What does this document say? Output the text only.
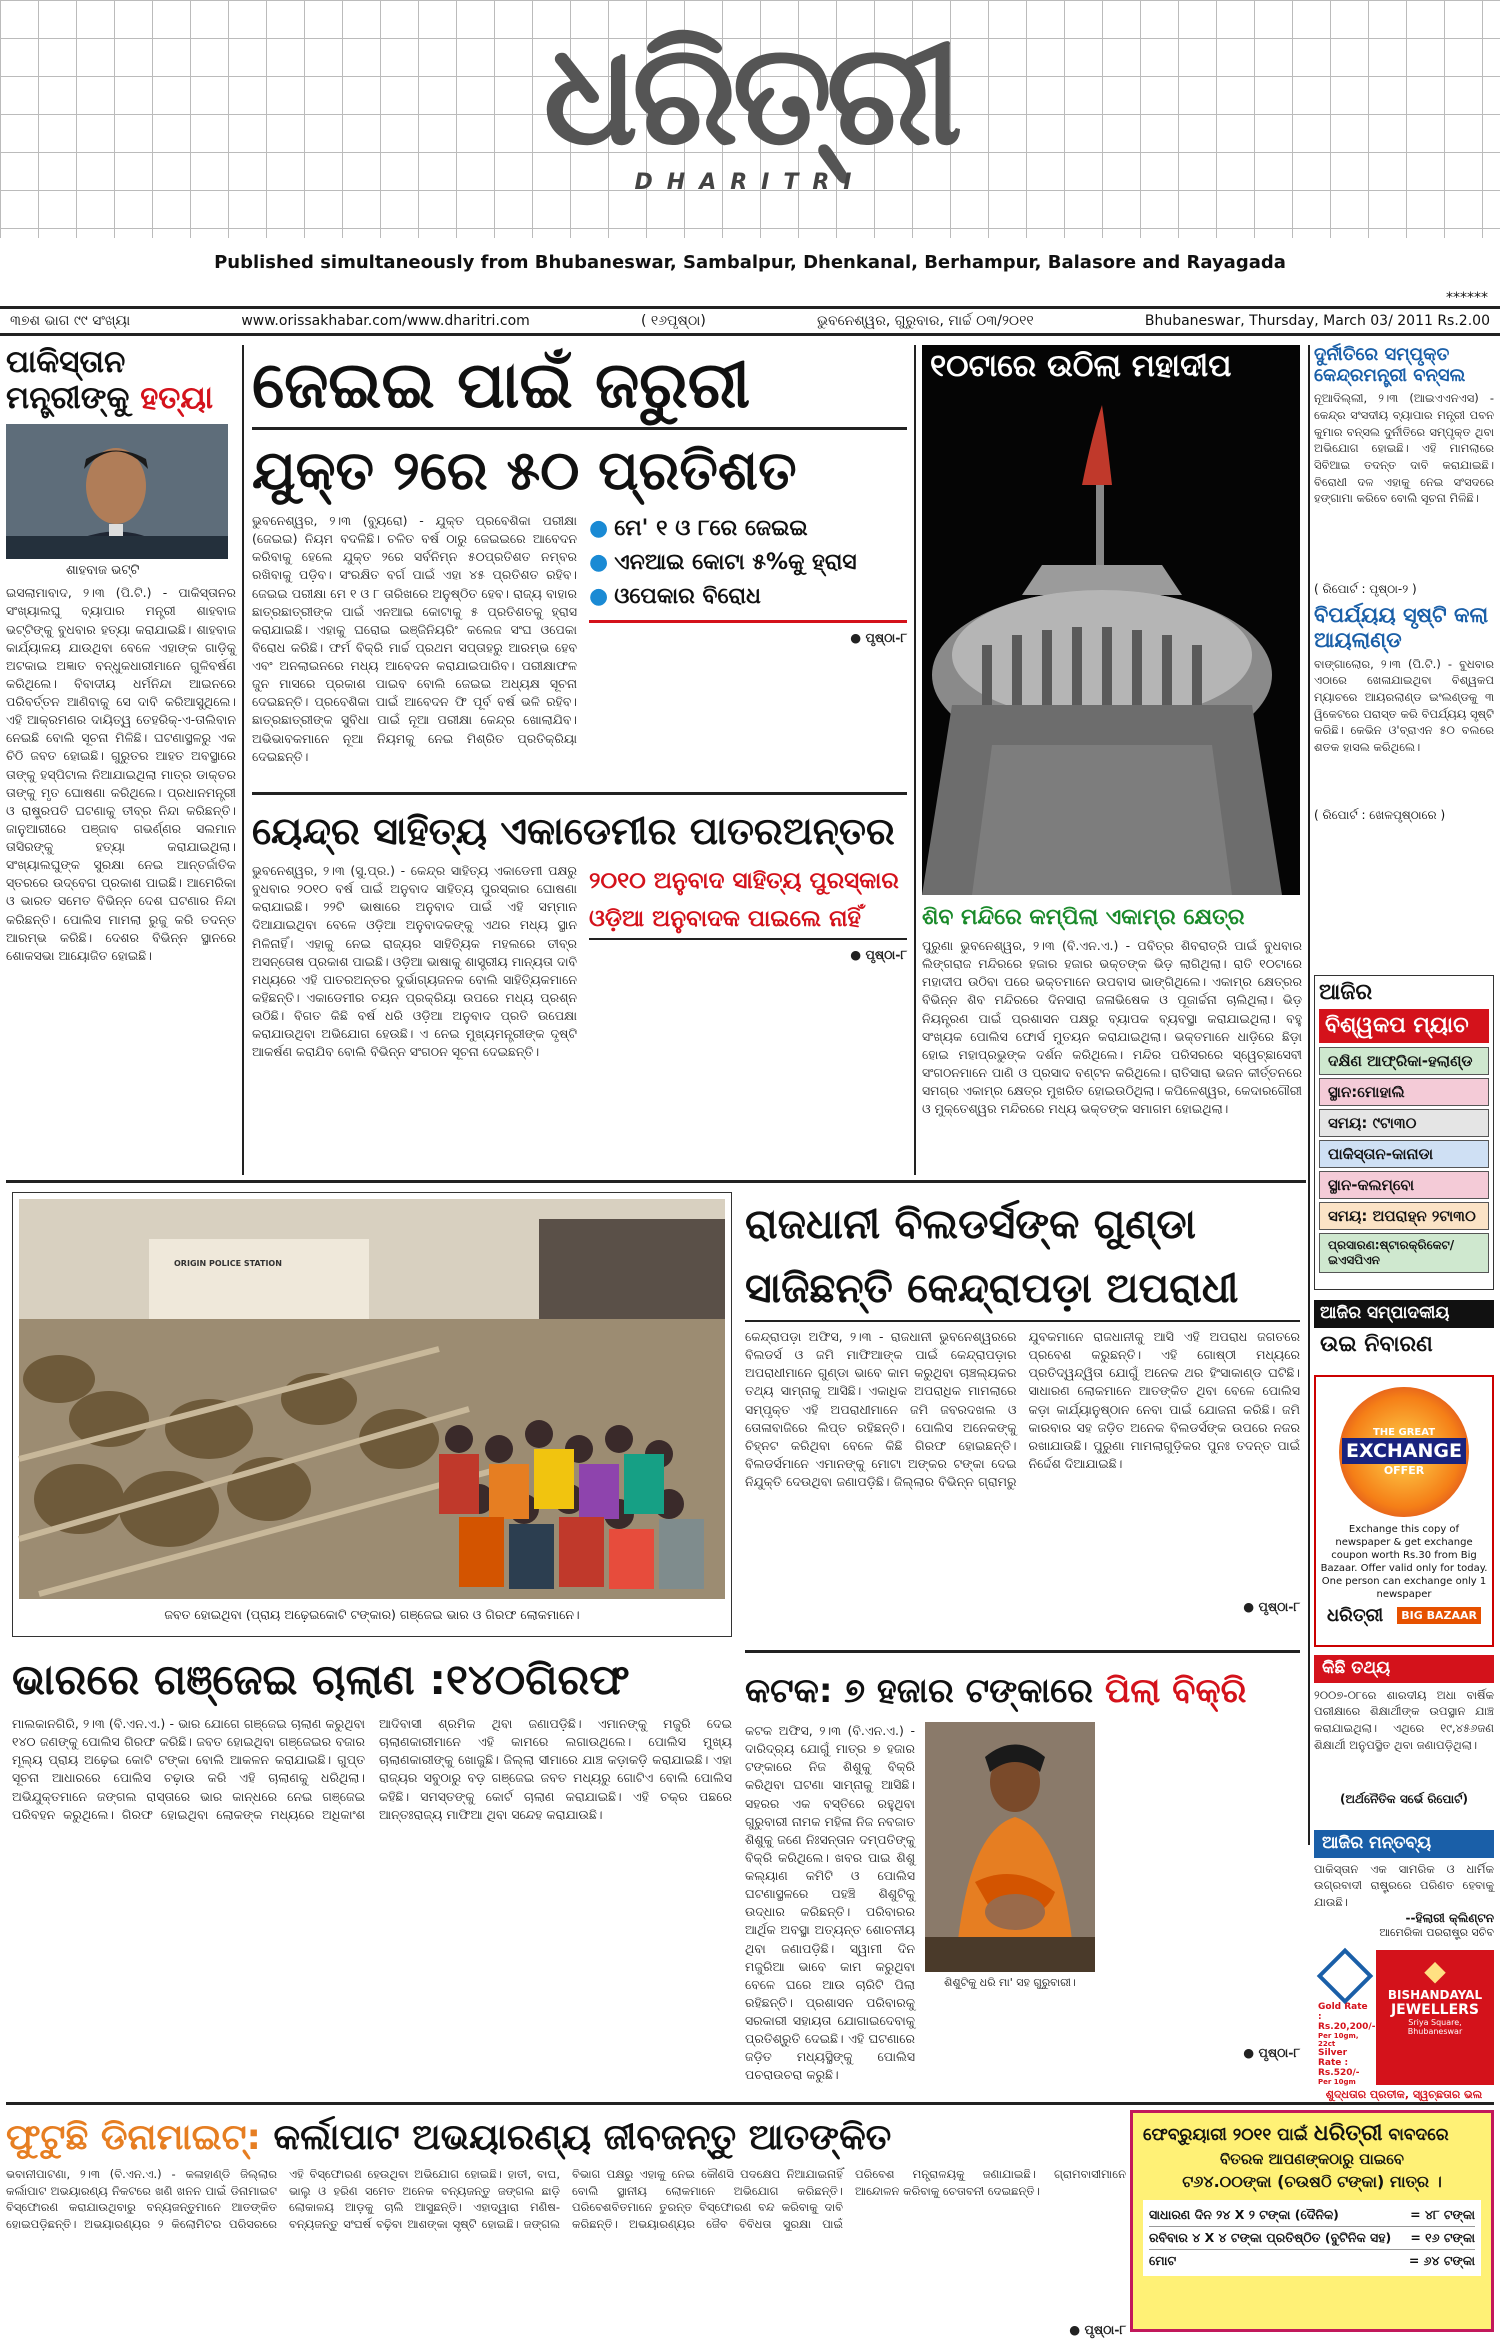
ଧରିତ୍ରୀ
DHARITRI
Published simultaneously from Bhubaneswar, Sambalpur, Dhenkanal, Berhampur, Balasore and Rayagada
******
୩୭ଶ ଭାଗ ୯୯ ସଂଖ୍ୟା	www.orissakhabar.com/www.dharitri.com	( ୧୬ପୃଷ୍ଠା)	ଭୁବନେଶ୍ୱର, ଗୁରୁବାର, ମାର୍ଚ୍ଚ ୦୩/୨୦୧୧	Bhubaneswar, Thursday, March 03/ 2011 Rs.2.00
ପାକିସ୍ତାନ ମନ୍ତ୍ରୀଙ୍କୁ ହତ୍ୟା
ଶାହବାଜ ଭଟ୍ଟି
ଇସଲାମାବାଦ, ୨।୩ (ପି.ଟି.) - ପାକିସ୍ତାନର ସଂଖ୍ୟାଲଘୁ ବ୍ୟାପାର ମନ୍ତ୍ରୀ ଶାହବାଜ ଭଟ୍ଟିଙ୍କୁ ବୁଧବାର ହତ୍ୟା କରାଯାଇଛି। ଶାହବାଜ କାର୍ଯ୍ୟାଳୟ ଯାଉଥିବା ବେଳେ ଏହାଙ୍କ ଗାଡ଼ିକୁ ଅଟକାଇ ଅଜ୍ଞାତ ବନ୍ଧୁକଧାରୀମାନେ ଗୁଳିବର୍ଷଣ କରିଥିଲେ। ବିବାଦୀୟ ଧର୍ମନିନ୍ଦା ଆଇନରେ ପରିବର୍ତ୍ତନ ଆଣିବାକୁ ସେ ଦାବି କରିଆସୁଥିଲେ। ଏହି ଆକ୍ରମଣର ଦାୟିତ୍ୱ ତେହରିକ୍-ଏ-ତାଲିବାନ ନେଇଛି ବୋଲି ସୂଚନା ମିଳିଛି। ଘଟଣାସ୍ଥଳରୁ ଏକ ଚିଠି ଜବତ ହୋଇଛି। ଗୁରୁତର ଆହତ ଅବସ୍ଥାରେ ତାଙ୍କୁ ହସ୍ପିଟାଲ ନିଆଯାଇଥିଲା ମାତ୍ର ଡାକ୍ତର ତାଙ୍କୁ ମୃତ ଘୋଷଣା କରିଥିଲେ। ପ୍ରଧାନମନ୍ତ୍ରୀ ଓ ରାଷ୍ଟ୍ରପତି ଘଟଣାକୁ ତୀବ୍ର ନିନ୍ଦା କରିଛନ୍ତି। ଜାନୁଆରୀରେ ପଞ୍ଜାବ ଗଭର୍ଣ୍ଣର ସଲମାନ ତାସିରଙ୍କୁ ହତ୍ୟା କରାଯାଇଥିଲା। ସଂଖ୍ୟାଲଘୁଙ୍କ ସୁରକ୍ଷା ନେଇ ଆନ୍ତର୍ଜାତିକ ସ୍ତରରେ ଉଦ୍‌ବେଗ ପ୍ରକାଶ ପାଇଛି। ଆମେରିକା ଓ ଭାରତ ସମେତ ବିଭିନ୍ନ ଦେଶ ଘଟଣାର ନିନ୍ଦା କରିଛନ୍ତି। ପୋଲିସ ମାମଲା ରୁଜୁ କରି ତଦନ୍ତ ଆରମ୍ଭ କରିଛି। ଦେଶର ବିଭିନ୍ନ ସ୍ଥାନରେ ଶୋକସଭା ଆୟୋଜିତ ହୋଇଛି।
ଜେଇଇ ପାଇଁ ଜରୁରୀ
ଯୁକ୍ତ ୨ରେ ୫୦ ପ୍ରତିଶତ
ଭୁବନେଶ୍ୱର, ୨।୩ (ବ୍ୟୁରୋ) - ଯୁକ୍ତ ପ୍ରବେଶିକା ପରୀକ୍ଷା (ଜେଇଇ) ନିୟମ ବଦଳିଛି। ଚଳିତ ବର୍ଷ ଠାରୁ ଜେଇଇରେ ଆବେଦନ କରିବାକୁ ହେଲେ ଯୁକ୍ତ ୨ରେ ସର୍ବନିମ୍ନ ୫୦ପ୍ରତିଶତ ନମ୍ବର ରଖିବାକୁ ପଡ଼ିବ। ସଂରକ୍ଷିତ ବର୍ଗ ପାଇଁ ଏହା ୪୫ ପ୍ରତିଶତ ରହିବ। ଜେଇଇ ପରୀକ୍ଷା ମେ ୧ ଓ ୮ ତାରିଖରେ ଅନୁଷ୍ଠିତ ହେବ। ରାଜ୍ୟ ବାହାର ଛାତ୍ରଛାତ୍ରୀଙ୍କ ପାଇଁ ଏନଆଇ କୋଟାକୁ ୫ ପ୍ରତିଶତକୁ ହ୍ରାସ କରାଯାଇଛି। ଏହାକୁ ଘରୋଇ ଇଞ୍ଜିନିୟରିଂ କଲେଜ ସଂଘ ଓପେକା ବିରୋଧ କରିଛି। ଫର୍ମ ବିକ୍ରି ମାର୍ଚ୍ଚ ପ୍ରଥମ ସପ୍ତାହରୁ ଆରମ୍ଭ ହେବ ଏବଂ ଅନଲାଇନରେ ମଧ୍ୟ ଆବେଦନ କରାଯାଇପାରିବ। ପରୀକ୍ଷାଫଳ ଜୁନ ମାସରେ ପ୍ରକାଶ ପାଇବ ବୋଲି ଜେଇଇ ଅଧ୍ୟକ୍ଷ ସୂଚନା ଦେଇଛନ୍ତି। ପ୍ରବେଶିକା ପାଇଁ ଆବେଦନ ଫି ପୂର୍ବ ବର୍ଷ ଭଳି ରହିବ। ଛାତ୍ରଛାତ୍ରୀଙ୍କ ସୁବିଧା ପାଇଁ ନୂଆ ପରୀକ୍ଷା କେନ୍ଦ୍ର ଖୋଲାଯିବ। ଅଭିଭାବକମାନେ ନୂଆ ନିୟମକୁ ନେଇ ମିଶ୍ରିତ ପ୍ରତିକ୍ରିୟା ଦେଇଛନ୍ତି।
● ମେ' ୧ ଓ ୮ରେ ଜେଇଇ
● ଏନଆଇ କୋଟା ୫%କୁ ହ୍ରାସ
● ଓପେକାର ବିରୋଧ
● ପୃଷ୍ଠା-୮
ୟେନ୍ଦ୍ର ସାହିତ୍ୟ ଏକାଡେମୀର ପାତରଅନ୍ତର
ଭୁବନେଶ୍ୱର, ୨।୩ (ସୁ.ପ୍ର.) - କେନ୍ଦ୍ର ସାହିତ୍ୟ ଏକାଡେମୀ ପକ୍ଷରୁ ବୁଧବାର ୨୦୧୦ ବର୍ଷ ପାଇଁ ଅନୁବାଦ ସାହିତ୍ୟ ପୁରସ୍କାର ଘୋଷଣା କରାଯାଇଛି। ୨୨ଟି ଭାଷାରେ ଅନୁବାଦ ପାଇଁ ଏହି ସମ୍ମାନ ଦିଆଯାଇଥିବା ବେଳେ ଓଡ଼ିଆ ଅନୁବାଦକଙ୍କୁ ଏଥର ମଧ୍ୟ ସ୍ଥାନ ମିଳିନାହିଁ। ଏହାକୁ ନେଇ ରାଜ୍ୟର ସାହିତ୍ୟିକ ମହଲରେ ତୀବ୍ର ଅସନ୍ତୋଷ ପ୍ରକାଶ ପାଇଛି। ଓଡ଼ିଆ ଭାଷାକୁ ଶାସ୍ତ୍ରୀୟ ମାନ୍ୟତା ଦାବି ମଧ୍ୟରେ ଏହି ପାତରଅନ୍ତର ଦୁର୍ଭାଗ୍ୟଜନକ ବୋଲି ସାହିତ୍ୟିକମାନେ କହିଛନ୍ତି। ଏକାଡେମୀର ଚୟନ ପ୍ରକ୍ରିୟା ଉପରେ ମଧ୍ୟ ପ୍ରଶ୍ନ ଉଠିଛି। ବିଗତ କିଛି ବର୍ଷ ଧରି ଓଡ଼ିଆ ଅନୁବାଦ ପ୍ରତି ଉପେକ୍ଷା କରାଯାଉଥିବା ଅଭିଯୋଗ ହେଉଛି। ଏ ନେଇ ମୁଖ୍ୟମନ୍ତ୍ରୀଙ୍କ ଦୃଷ୍ଟି ଆକର୍ଷଣ କରାଯିବ ବୋଲି ବିଭିନ୍ନ ସଂଗଠନ ସୂଚନା ଦେଇଛନ୍ତି।
୨୦୧୦ ଅନୁବାଦ ସାହିତ୍ୟ ପୁରସ୍କାର
ଓଡ଼ିଆ ଅନୁବାଦକ ପାଇଲେ ନାହିଁ
● ପୃଷ୍ଠା-୮
୧୦ଟାରେ ଉଠିଲା ମହାଦୀପ
ଶିବ ମନ୍ଦିରେ କମ୍ପିଲା ଏକାମ୍ର କ୍ଷେତ୍ର
ପୁରୁଣା ଭୁବନେଶ୍ୱର, ୨।୩ (ବି.ଏନ.ଏ.) - ପବିତ୍ର ଶିବରାତ୍ରି ପାଇଁ ବୁଧବାର ଲିଙ୍ଗରାଜ ମନ୍ଦିରରେ ହଜାର ହଜାର ଭକ୍ତଙ୍କ ଭିଡ଼ ଲାଗିଥିଲା। ରାତି ୧୦ଟାରେ ମହାଦୀପ ଉଠିବା ପରେ ଭକ୍ତମାନେ ଉପବାସ ଭାଙ୍ଗିଥିଲେ। ଏକାମ୍ର କ୍ଷେତ୍ରର ବିଭିନ୍ନ ଶିବ ମନ୍ଦିରରେ ଦିନସାରା ଜଳାଭିଷେକ ଓ ପୂଜାର୍ଚ୍ଚନା ଚାଲିଥିଲା। ଭିଡ଼ ନିୟନ୍ତ୍ରଣ ପାଇଁ ପ୍ରଶାସନ ପକ୍ଷରୁ ବ୍ୟାପକ ବ୍ୟବସ୍ଥା କରାଯାଇଥିଲା। ବହୁ ସଂଖ୍ୟକ ପୋଲିସ ଫୋର୍ସ ମୁତୟନ କରାଯାଇଥିଲା। ଭକ୍ତମାନେ ଧାଡ଼ିରେ ଛିଡ଼ା ହୋଇ ମହାପ୍ରଭୁଙ୍କ ଦର୍ଶନ କରିଥିଲେ। ମନ୍ଦିର ପରିସରରେ ସ୍ୱେଚ୍ଛାସେବୀ ସଂଗଠନମାନେ ପାଣି ଓ ପ୍ରସାଦ ବଣ୍ଟନ କରିଥିଲେ। ରାତିସାରା ଭଜନ କୀର୍ତ୍ତନରେ ସମଗ୍ର ଏକାମ୍ର କ୍ଷେତ୍ର ମୁଖରିତ ହୋଇଉଠିଥିଲା। କପିଳେଶ୍ୱର, କେଦାରଗୌରୀ ଓ ମୁକ୍ତେଶ୍ୱର ମନ୍ଦିରରେ ମଧ୍ୟ ଭକ୍ତଙ୍କ ସମାଗମ ହୋଇଥିଲା।
ଦୁର୍ନୀତିରେ ସମ୍ପୃକ୍ତ କେନ୍ଦ୍ରମନ୍ତ୍ରୀ ବନ୍‌ସଲ
ନୂଆଦିଲ୍ଲୀ, ୨।୩ (ଆଇଏଏନଏସ) - କେନ୍ଦ୍ର ସଂସଦୀୟ ବ୍ୟାପାର ମନ୍ତ୍ରୀ ପବନ କୁମାର ବନ୍‌ସଲ ଦୁର୍ନୀତିରେ ସମ୍ପୃକ୍ତ ଥିବା ଅଭିଯୋଗ ହୋଇଛି। ଏହି ମାମଲାରେ ସିବିଆଇ ତଦନ୍ତ ଦାବି କରାଯାଇଛି। ବିରୋଧୀ ଦଳ ଏହାକୁ ନେଇ ସଂସଦରେ ହଙ୍ଗାମା କରିବେ ବୋଲି ସୂଚନା ମିଳିଛି।
( ରିପୋର୍ଟ : ପୃଷ୍ଠା-୨ )
ବିପର୍ଯ୍ୟୟ ସୃଷ୍ଟି କଲା ଆୟଲାଣ୍ଡ
ବାଙ୍ଗାଲୋର, ୨।୩ (ପି.ଟି.) - ବୁଧବାର ଏଠାରେ ଖେଳାଯାଇଥିବା ବିଶ୍ୱକପ ମ୍ୟାଚରେ ଆୟରଲାଣ୍ଡ ଇଂଲଣ୍ଡକୁ ୩ ୱିକେଟରେ ପରାସ୍ତ କରି ବିପର୍ଯ୍ୟୟ ସୃଷ୍ଟି କରିଛି। କେଭିନ ଓ'ବ୍ରାଏନ ୫୦ ବଲରେ ଶତକ ହାସଲ କରିଥିଲେ।
( ରିପୋର୍ଟ : ଖେଳପୃଷ୍ଠାରେ )
ଆଜିର
ବିଶ୍ୱକପ ମ୍ୟାଚ
ଦକ୍ଷିଣ ଆଫ୍ରିକା-ହଲାଣ୍ଡ
ସ୍ଥାନ:ମୋହାଲି
ସମୟ: ୯ଟା୩୦
ପାକିସ୍ତାନ-କାନାଡା
ସ୍ଥାନ-କଲମ୍ବୋ
ସମୟ: ଅପରାହ୍ନ ୨ଟା୩୦
ପ୍ରସାରଣ:ଷ୍ଟାରକ୍ରିକେଟ/ଇଏସପିଏନ
ଆଜିର ସମ୍ପାଦକୀୟ
ଉଇ ନିବାରଣ
THE GREAT
EXCHANGE
OFFER
Exchange this copy of newspaper & get exchange coupon worth Rs.30 from Big Bazaar. Offer valid only for today. One person can exchange only 1 newspaper
ଧରିତ୍ରୀ	BIG BAZAAR
କିଛି ତଥ୍ୟ
୨୦୦୭-୦୮ରେ ଶାରଦୀୟ ଅଧା ବାର୍ଷିକ ପରୀକ୍ଷାରେ ଶିକ୍ଷାର୍ଥୀଙ୍କ ଉପସ୍ଥାନ ଯାଞ୍ଚ କରାଯାଇଥିଲା। ଏଥିରେ ୧୯,୪୫୬ଜଣ ଶିକ୍ଷାର୍ଥୀ ଅନୁପସ୍ଥିତ ଥିବା ଜଣାପଡ଼ିଥିଲା।
(ଅର୍ଥନୈତିକ ସର୍ଭେ ରିପୋର୍ଟ)
ଆଜିର ମନ୍ତବ୍ୟ
ପାକିସ୍ତାନ ଏକ ସାମରିକ ଓ ଧାର୍ମିକ ଉଗ୍ରବାଦୀ ରାଷ୍ଟ୍ରରେ ପରିଣତ ହେବାକୁ ଯାଉଛି।
--ହିଲାରୀ କ୍ଲିଣ୍ଟନ
ଆମେରିକା ପରରାଷ୍ଟ୍ର ସଚିବ
Gold Rate : Rs.20,200/-
Per 10gm, 22ct
Silver Rate : Rs.520/-
Per 10gm
◆
BISHANDAYAL
JEWELLERS
Sriya Square, Bhubaneswar
ଶୁଦ୍ଧତାର ପ୍ରତୀକ, ସ୍ୱଚ୍ଛତାର ଭଲ
ORIGIN POLICE STATION
ଜବତ ହୋଇଥିବା (ପ୍ରାୟ ଅଢ଼େଇକୋଟି ଟଙ୍କାର) ଗଞ୍ଜେଇ ଭାର ଓ ଗିରଫ ଲୋକମାନେ।
ରାଜଧାନୀ ବିଲଡର୍ସଙ୍କ ଗୁଣ୍ଡା
ସାଜିଛନ୍ତି କେନ୍ଦ୍ରାପଡ଼ା ଅପରାଧୀ
କେନ୍ଦ୍ରାପଡ଼ା ଅଫିସ, ୨।୩ - ରାଜଧାନୀ ଭୁବନେଶ୍ୱରରେ ବିଲଡର୍ସ ଓ ଜମି ମାଫିଆଙ୍କ ପାଇଁ କେନ୍ଦ୍ରାପଡ଼ାର ଅପରାଧୀମାନେ ଗୁଣ୍ଡା ଭାବେ କାମ କରୁଥିବା ଚାଞ୍ଚଲ୍ୟକର ତଥ୍ୟ ସାମ୍ନାକୁ ଆସିଛି। ଏକାଧିକ ଅପରାଧିକ ମାମଲାରେ ସମ୍ପୃକ୍ତ ଏହି ଅପରାଧୀମାନେ ଜମି ଜବରଦଖଲ ଓ ତୋଳାବାଜିରେ ଲିପ୍ତ ରହିଛନ୍ତି। ପୋଲିସ ଅନେକଙ୍କୁ ଚିହ୍ନଟ କରିଥିବା ବେଳେ କିଛି ଗିରଫ ହୋଇଛନ୍ତି। ବିଲଡର୍ସମାନେ ଏମାନଙ୍କୁ ମୋଟା ଅଙ୍କର ଟଙ୍କା ଦେଇ ନିଯୁକ୍ତି ଦେଉଥିବା ଜଣାପଡ଼ିଛି। ଜିଲ୍ଲାର ବିଭିନ୍ନ ଗ୍ରାମରୁ ଯୁବକମାନେ ରାଜଧାନୀକୁ ଆସି ଏହି ଅପରାଧ ଜଗତରେ ପ୍ରବେଶ କରୁଛନ୍ତି। ଏହି ଗୋଷ୍ଠୀ ମଧ୍ୟରେ ପ୍ରତିଦ୍ୱନ୍ଦ୍ୱିତା ଯୋଗୁଁ ଅନେକ ଥର ହିଂସାକାଣ୍ଡ ଘଟିଛି। ସାଧାରଣ ଲୋକମାନେ ଆତଙ୍କିତ ଥିବା ବେଳେ ପୋଲିସ କଡ଼ା କାର୍ଯ୍ୟାନୁଷ୍ଠାନ ନେବା ପାଇଁ ଯୋଜନା କରିଛି। ଜମି କାରବାର ସହ ଜଡ଼ିତ ଅନେକ ବିଲଡର୍ସଙ୍କ ଉପରେ ନଜର ରଖାଯାଉଛି। ପୁରୁଣା ମାମଲାଗୁଡ଼ିକର ପୁନଃ ତଦନ୍ତ ପାଇଁ ନିର୍ଦ୍ଦେଶ ଦିଆଯାଇଛି।
● ପୃଷ୍ଠା-୮
ଭାରରେ ଗଞ୍ଜେଇ ଚାଲାଣ :୧୪୦ଗିରଫ
ମାଲକାନଗିରି, ୨।୩ (ବି.ଏନ.ଏ.) - ଭାର ଯୋଗେ ଗଞ୍ଜେଇ ଚାଲାଣ କରୁଥିବା ୧୪୦ ଜଣଙ୍କୁ ପୋଲିସ ଗିରଫ କରିଛି। ଜବତ ହୋଇଥିବା ଗଞ୍ଜେଇର ବଜାର ମୂଲ୍ୟ ପ୍ରାୟ ଅଢ଼େଇ କୋଟି ଟଙ୍କା ବୋଲି ଆକଳନ କରାଯାଇଛି। ଗୁପ୍ତ ସୂଚନା ଆଧାରରେ ପୋଲିସ ଚଢ଼ାଉ କରି ଏହି ଚାଲାଣକୁ ଧରିଥିଲା। ଅଭିଯୁକ୍ତମାନେ ଜଙ୍ଗଲ ରାସ୍ତାରେ ଭାର କାନ୍ଧରେ ନେଇ ଗଞ୍ଜେଇ ପରିବହନ କରୁଥିଲେ। ଗିରଫ ହୋଇଥିବା ଲୋକଙ୍କ ମଧ୍ୟରେ ଅଧିକାଂଶ ଆଦିବାସୀ ଶ୍ରମିକ ଥିବା ଜଣାପଡ଼ିଛି। ଏମାନଙ୍କୁ ମଜୁରି ଦେଇ ଚାଲାଣକାରୀମାନେ ଏହି କାମରେ ଲଗାଉଥିଲେ। ପୋଲିସ ମୁଖ୍ୟ ଚାଲାଣକାରୀଙ୍କୁ ଖୋଜୁଛି। ଜିଲ୍ଲା ସୀମାରେ ଯାଞ୍ଚ କଡ଼ାକଡ଼ି କରାଯାଇଛି। ଏହା ରାଜ୍ୟର ସବୁଠାରୁ ବଡ଼ ଗଞ୍ଜେଇ ଜବତ ମଧ୍ୟରୁ ଗୋଟିଏ ବୋଲି ପୋଲିସ କହିଛି। ସମସ୍ତଙ୍କୁ କୋର୍ଟ ଚାଲାଣ କରାଯାଇଛି। ଏହି ଚକ୍ର ପଛରେ ଆନ୍ତଃରାଜ୍ୟ ମାଫିଆ ଥିବା ସନ୍ଦେହ କରାଯାଉଛି।
କଟକ: ୭ ହଜାର ଟଙ୍କାରେ ପିଲା ବିକ୍ରି
କଟକ ଅଫିସ, ୨।୩ (ବି.ଏନ.ଏ.) - ଦାରିଦ୍ର୍ୟ ଯୋଗୁଁ ମାତ୍ର ୭ ହଜାର ଟଙ୍କାରେ ନିଜ ଶିଶୁକୁ ବିକ୍ରି କରିଥିବା ଘଟଣା ସାମ୍ନାକୁ ଆସିଛି। ସହରର ଏକ ବସ୍ତିରେ ରହୁଥିବା ଗୁରୁବାରୀ ନାମକ ମହିଳା ନିଜ ନବଜାତ ଶିଶୁକୁ ଜଣେ ନିଃସନ୍ତାନ ଦମ୍ପତିଙ୍କୁ ବିକ୍ରି କରିଥିଲେ। ଖବର ପାଇ ଶିଶୁ କଲ୍ୟାଣ କମିଟି ଓ ପୋଲିସ ଘଟଣାସ୍ଥଳରେ ପହଞ୍ଚି ଶିଶୁଟିକୁ ଉଦ୍ଧାର କରିଛନ୍ତି। ପରିବାରର ଆର୍ଥିକ ଅବସ୍ଥା ଅତ୍ୟନ୍ତ ଶୋଚନୀୟ ଥିବା ଜଣାପଡ଼ିଛି। ସ୍ୱାମୀ ଦିନ ମଜୁରିଆ ଭାବେ କାମ କରୁଥିବା ବେଳେ ଘରେ ଆଉ ଚାରିଟି ପିଲା ରହିଛନ୍ତି। ପ୍ରଶାସନ ପରିବାରକୁ ସରକାରୀ ସହାୟତା ଯୋଗାଇଦେବାକୁ ପ୍ରତିଶ୍ରୁତି ଦେଇଛି। ଏହି ଘଟଣାରେ ଜଡ଼ିତ ମଧ୍ୟସ୍ଥିଙ୍କୁ ପୋଲିସ ପଚରାଉଚରା କରୁଛି।
ଶିଶୁଟିକୁ ଧରି ମା' ସହ ଗୁରୁବାରୀ।
● ପୃଷ୍ଠା-୮
ଫୁଟୁଛି ଡିନାମାଇଟ୍: କର୍ଲାପାଟ ଅଭୟାରଣ୍ୟ ଜୀବଜନ୍ତୁ ଆତଙ୍କିତ
ଭବାନୀପାଟଣା, ୨।୩ (ବି.ଏନ.ଏ.) - କଳାହାଣ୍ଡି ଜିଲ୍ଲାର କର୍ଲାପାଟ ଅଭୟାରଣ୍ୟ ନିକଟରେ ଖଣି ଖନନ ପାଇଁ ଡିନାମାଇଟ ବିସ୍ଫୋରଣ କରାଯାଉଥିବାରୁ ବନ୍ୟଜନ୍ତୁମାନେ ଆତଙ୍କିତ ହୋଇପଡ଼ିଛନ୍ତି। ଅଭୟାରଣ୍ୟର ୨ କିଲୋମିଟର ପରିସରରେ ଏହି ବିସ୍ଫୋରଣ ହେଉଥିବା ଅଭିଯୋଗ ହୋଇଛି। ହାତୀ, ବାଘ, ଭାଲୁ ଓ ହରିଣ ସମେତ ଅନେକ ବନ୍ୟଜନ୍ତୁ ଜଙ୍ଗଲ ଛାଡ଼ି ଲୋକାଳୟ ଆଡ଼କୁ ଚାଲି ଆସୁଛନ୍ତି। ଏହାଦ୍ୱାରା ମଣିଷ-ବନ୍ୟଜନ୍ତୁ ସଂଘର୍ଷ ବଢ଼ିବା ଆଶଙ୍କା ସୃଷ୍ଟି ହୋଇଛି। ଜଙ୍ଗଲ ବିଭାଗ ପକ୍ଷରୁ ଏହାକୁ ନେଇ କୌଣସି ପଦକ୍ଷେପ ନିଆଯାଇନାହିଁ ବୋଲି ସ୍ଥାନୀୟ ଲୋକମାନେ ଅଭିଯୋଗ କରିଛନ୍ତି। ପରିବେଶବିତମାନେ ତୁରନ୍ତ ବିସ୍ଫୋରଣ ବନ୍ଦ କରିବାକୁ ଦାବି କରିଛନ୍ତି। ଅଭୟାରଣ୍ୟର ଜୈବ ବିବିଧତା ସୁରକ୍ଷା ପାଇଁ ପରିବେଶ ମନ୍ତ୍ରାଳୟକୁ ଜଣାଯାଇଛି। ଗ୍ରାମବାସୀମାନେ ଆନ୍ଦୋଳନ କରିବାକୁ ଚେତାବନୀ ଦେଇଛନ୍ତି।
● ପୃଷ୍ଠା-୮
ଫେବ୍ରୁୟାରୀ ୨୦୧୧ ପାଇଁ ଧରିତ୍ରୀ ବାବଦରେ
ବିତରକ ଆପଣଙ୍କଠାରୁ ପାଇବେ
ଟ୬୪.୦୦ଙ୍କା (ଚଉଷଠି ଟଙ୍କା) ମାତ୍ର ।
ସାଧାରଣ ଦିନ ୨୪ X ୨ ଟଙ୍କା (ଦୈନିକ)	= ୪୮ ଟଙ୍କା
ରବିବାର ୪ X ୪ ଟଙ୍କା ପ୍ରତିଷ୍ଠିତ (ବୁଟିନିକ ସହ) = ୧୬ ଟଙ୍କା
ମୋଟ	= ୬୪ ଟଙ୍କା
